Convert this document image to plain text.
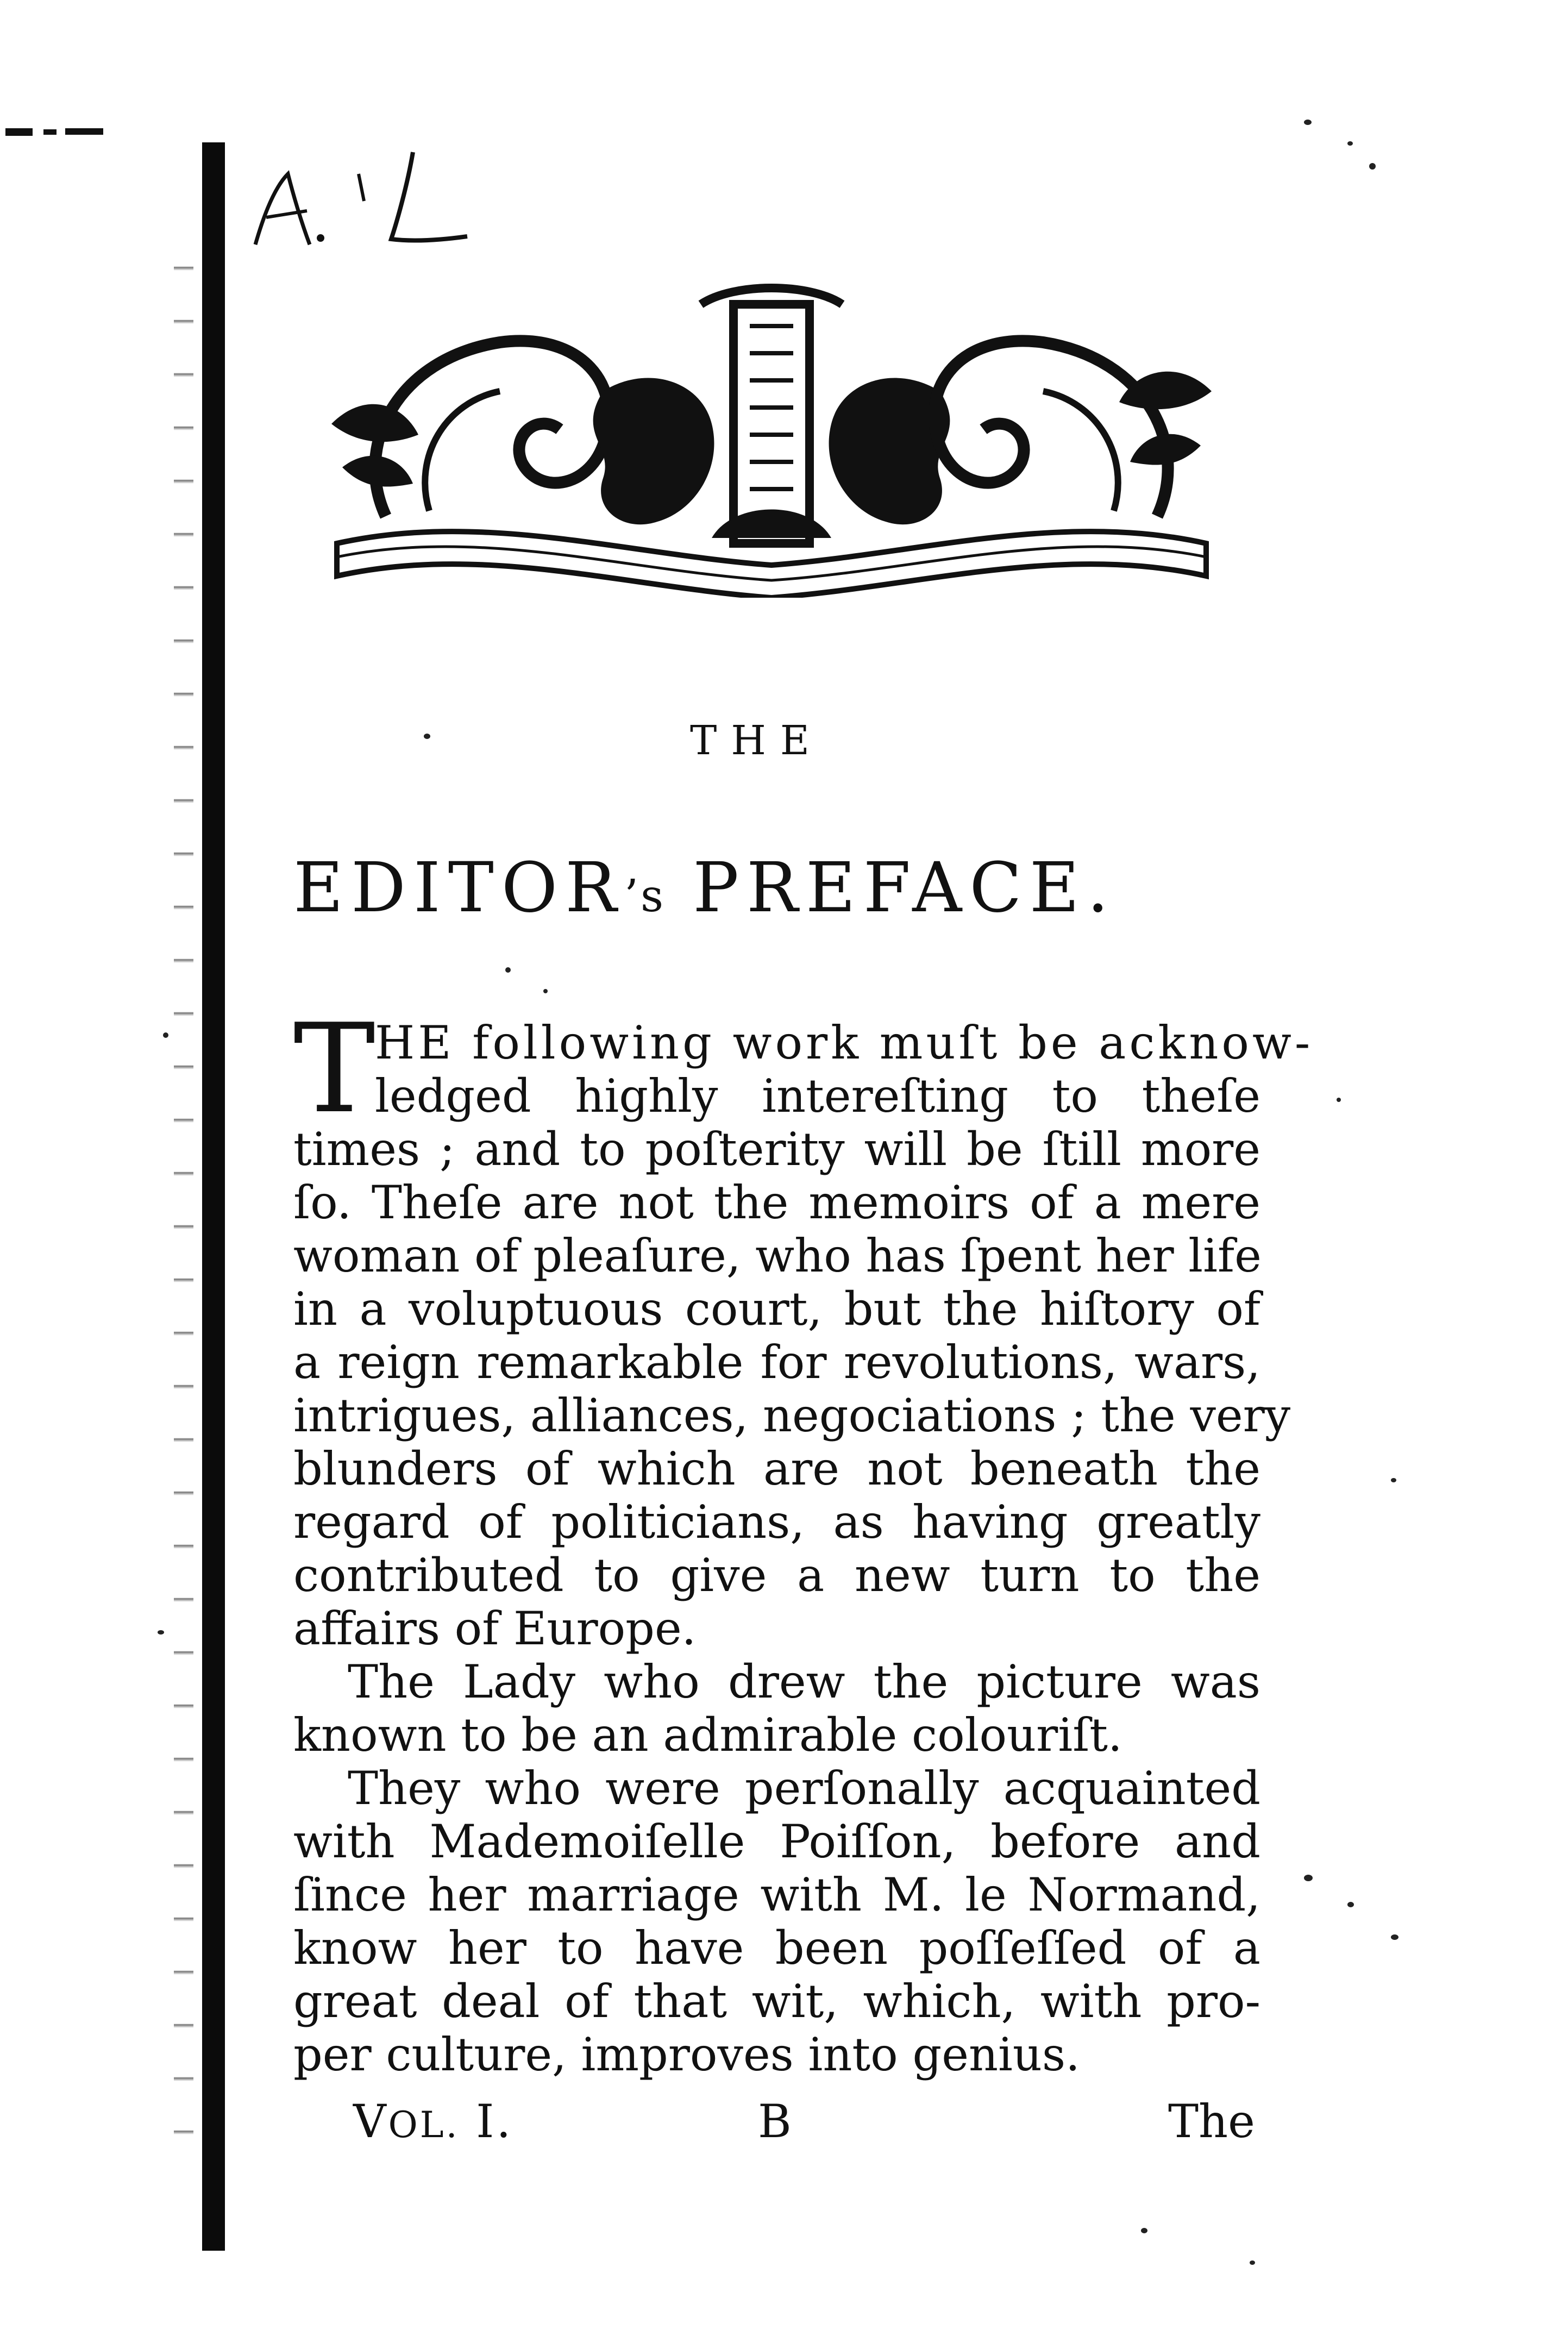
THE
EDITOR’s PREFACE.
T HE following work muſt be acknow-
ledged highly intereſting to theſe
times ; and to poſterity will be ſtill more
ſo. Theſe are not the memoirs of a mere
woman of pleaſure, who has ſpent her life
in a voluptuous court, but the hiſtory of
a reign remarkable for revolutions, wars,
intrigues, alliances, negociations ; the very
blunders of which are not beneath the
regard of politicians, as having greatly
contributed to give a new turn to the
affairs of Europe.
The Lady who drew the picture was
known to be an admirable colouriſt.
They who were perſonally acquainted
with Mademoiſelle Poiſſon, before and
ſince her marriage with M. le Normand,
know her to have been poſſeſſed of a
great deal of that wit, which, with pro-
per culture, improves into genius.
VOL. I.	B	The
